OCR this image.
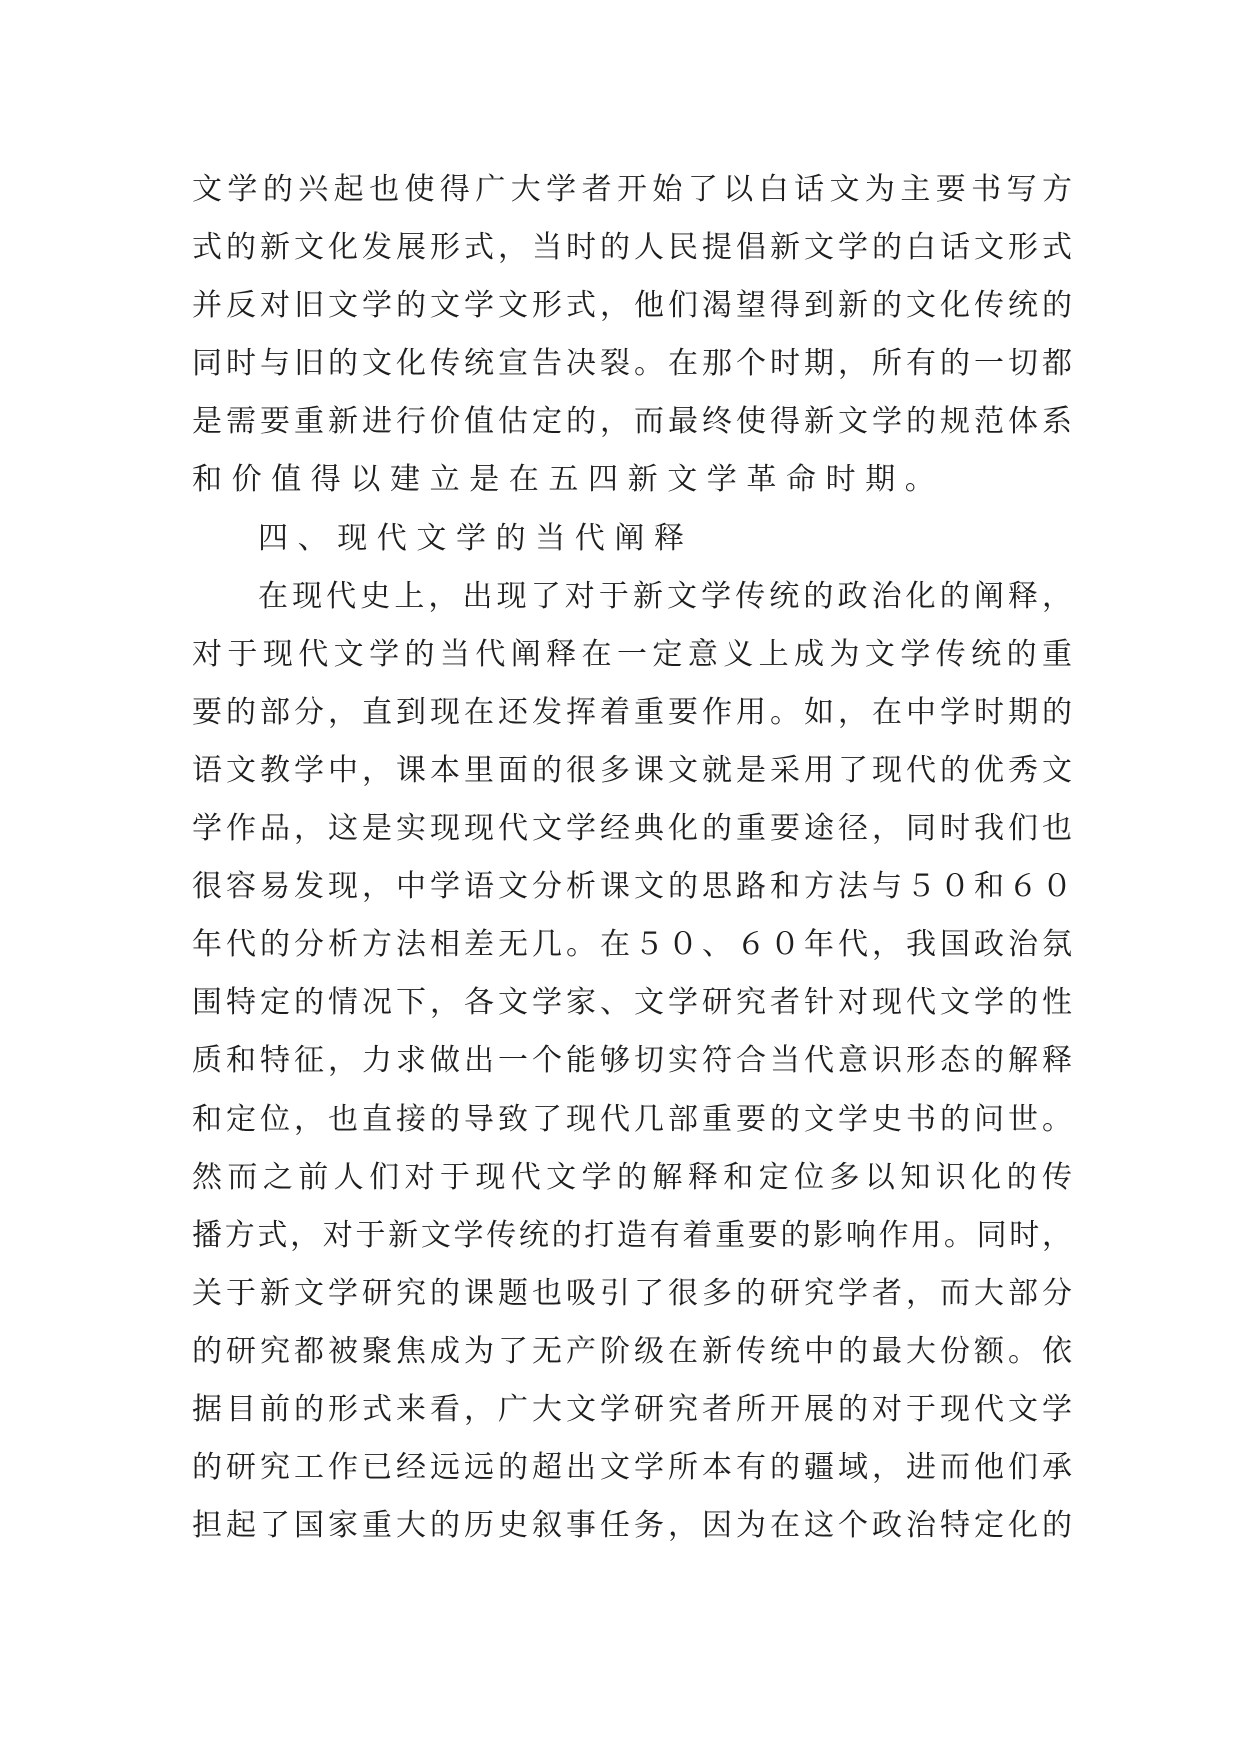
文学的兴起也使得广大学者开始了以白话文为主要书写方
式的新文化发展形式，当时的人民提倡新文学的白话文形式
并反对旧文学的文学文形式，他们渴望得到新的文化传统的
同时与旧的文化传统宣告决裂。在那个时期，所有的一切都
是需要重新进行价值估定的，而最终使得新文学的规范体系
和价值得以建立是在五四新文学革命时期。
四、现代文学的当代阐释
在现代史上，出现了对于新文学传统的政治化的阐释，
对于现代文学的当代阐释在一定意义上成为文学传统的重
要的部分，直到现在还发挥着重要作用。如，在中学时期的
语文教学中，课本里面的很多课文就是采用了现代的优秀文
学作品，这是实现现代文学经典化的重要途径，同时我们也
很容易发现，中学语文分析课文的思路和方法与５０和６０
年代的分析方法相差无几。在５０、６０年代，我国政治氛
围特定的情况下，各文学家、文学研究者针对现代文学的性
质和特征，力求做出一个能够切实符合当代意识形态的解释
和定位，也直接的导致了现代几部重要的文学史书的问世。
然而之前人们对于现代文学的解释和定位多以知识化的传
播方式，对于新文学传统的打造有着重要的影响作用。同时，
关于新文学研究的课题也吸引了很多的研究学者，而大部分
的研究都被聚焦成为了无产阶级在新传统中的最大份额。依
据目前的形式来看，广大文学研究者所开展的对于现代文学
的研究工作已经远远的超出文学所本有的疆域，进而他们承
担起了国家重大的历史叙事任务，因为在这个政治特定化的
